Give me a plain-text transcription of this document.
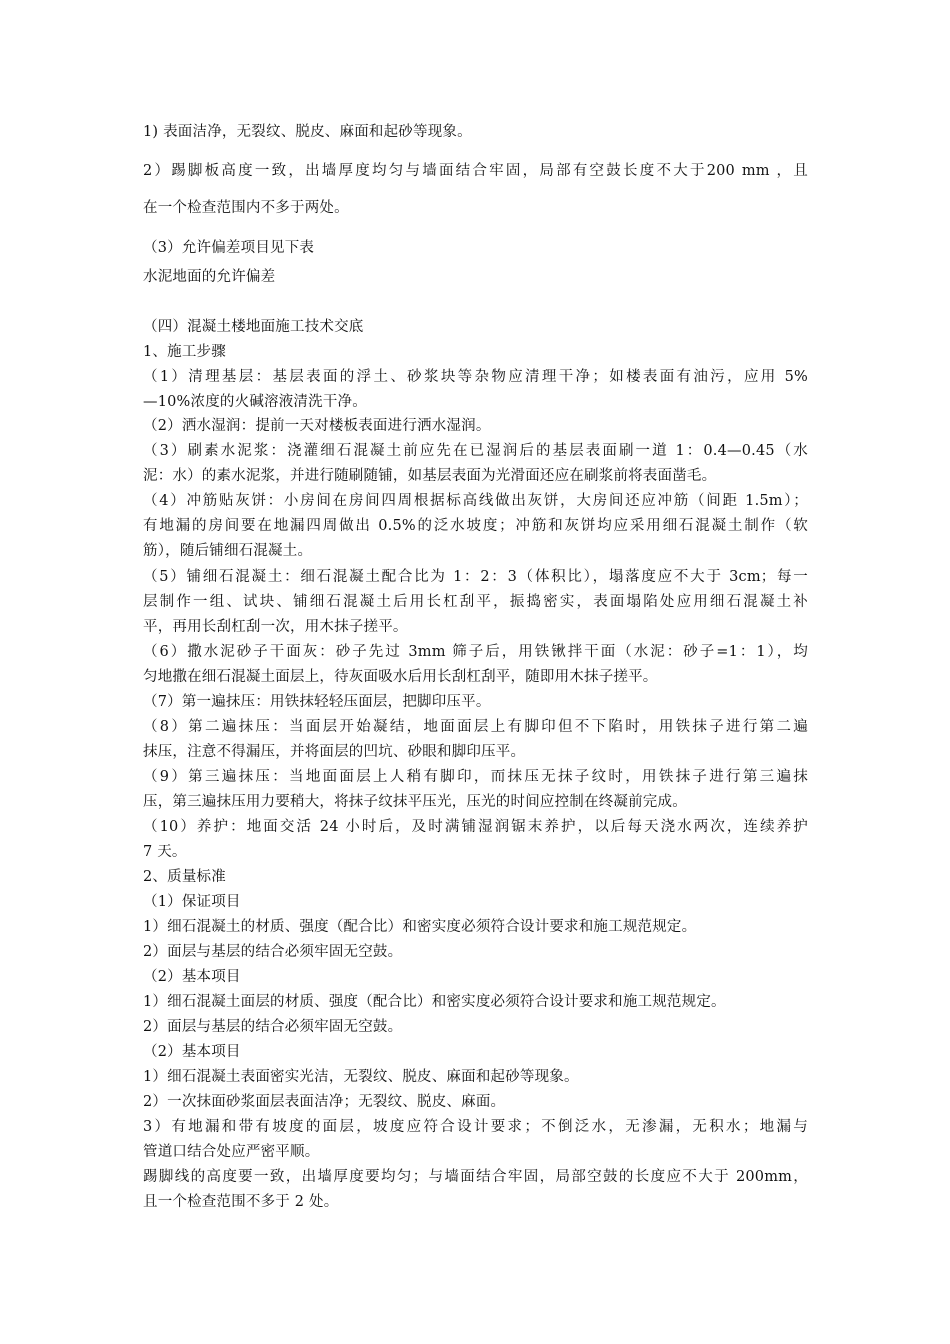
1) 表面洁净，无裂纹、脱皮、麻面和起砂等现象。
2）踢脚板高度一致，出墙厚度均匀与墙面结合牢固，局部有空鼓长度不大于200 mm ，且
在一个检查范围内不多于两处。
（3）允许偏差项目见下表
水泥地面的允许偏差
（四）混凝土楼地面施工技术交底
1、施工步骤
（1）清理基层：基层表面的浮土、砂浆块等杂物应清理干净；如楼表面有油污，应用 5%
—10%浓度的火碱溶液清洗干净。
（2）洒水湿润：提前一天对楼板表面进行洒水湿润。
（3）刷素水泥浆：浇灌细石混凝土前应先在已湿润后的基层表面刷一道 1：0.4—0.45（水
泥：水）的素水泥浆，并进行随刷随铺，如基层表面为光滑面还应在刷浆前将表面凿毛。
（4）冲筋贴灰饼：小房间在房间四周根据标高线做出灰饼，大房间还应冲筋（间距 1.5m）；
有地漏的房间要在地漏四周做出 0.5%的泛水坡度；冲筋和灰饼均应采用细石混凝土制作（软
筋），随后铺细石混凝土。
（5）铺细石混凝土：细石混凝土配合比为 1：2：3（体积比），塌落度应不大于 3cm；每一
层制作一组、试块、铺细石混凝土后用长杠刮平，振捣密实，表面塌陷处应用细石混凝土补
平，再用长刮杠刮一次，用木抹子搓平。
（6）撒水泥砂子干面灰：砂子先过 3mm 筛子后，用铁锹拌干面（水泥：砂子=1：1），均
匀地撒在细石混凝土面层上，待灰面吸水后用长刮杠刮平，随即用木抹子搓平。
（7）第一遍抹压：用铁抹轻轻压面层，把脚印压平。
（8）第二遍抹压：当面层开始凝结，地面面层上有脚印但不下陷时，用铁抹子进行第二遍
抹压，注意不得漏压，并将面层的凹坑、砂眼和脚印压平。
（9）第三遍抹压：当地面面层上人稍有脚印，而抹压无抹子纹时，用铁抹子进行第三遍抹
压，第三遍抹压用力要稍大，将抹子纹抹平压光，压光的时间应控制在终凝前完成。
（10）养护：地面交活 24 小时后，及时满铺湿润锯末养护，以后每天浇水两次，连续养护
7 天。
2、质量标准
（1）保证项目
1）细石混凝土的材质、强度（配合比）和密实度必须符合设计要求和施工规范规定。
2）面层与基层的结合必须牢固无空鼓。
（2）基本项目
1）细石混凝土面层的材质、强度（配合比）和密实度必须符合设计要求和施工规范规定。
2）面层与基层的结合必须牢固无空鼓。
（2）基本项目
1）细石混凝土表面密实光洁，无裂纹、脱皮、麻面和起砂等现象。
2）一次抹面砂浆面层表面洁净；无裂纹、脱皮、麻面。
3）有地漏和带有坡度的面层，坡度应符合设计要求；不倒泛水，无渗漏，无积水；地漏与
管道口结合处应严密平顺。
踢脚线的高度要一致，出墙厚度要均匀；与墙面结合牢固，局部空鼓的长度应不大于 200mm，
且一个检查范围不多于 2 处。
